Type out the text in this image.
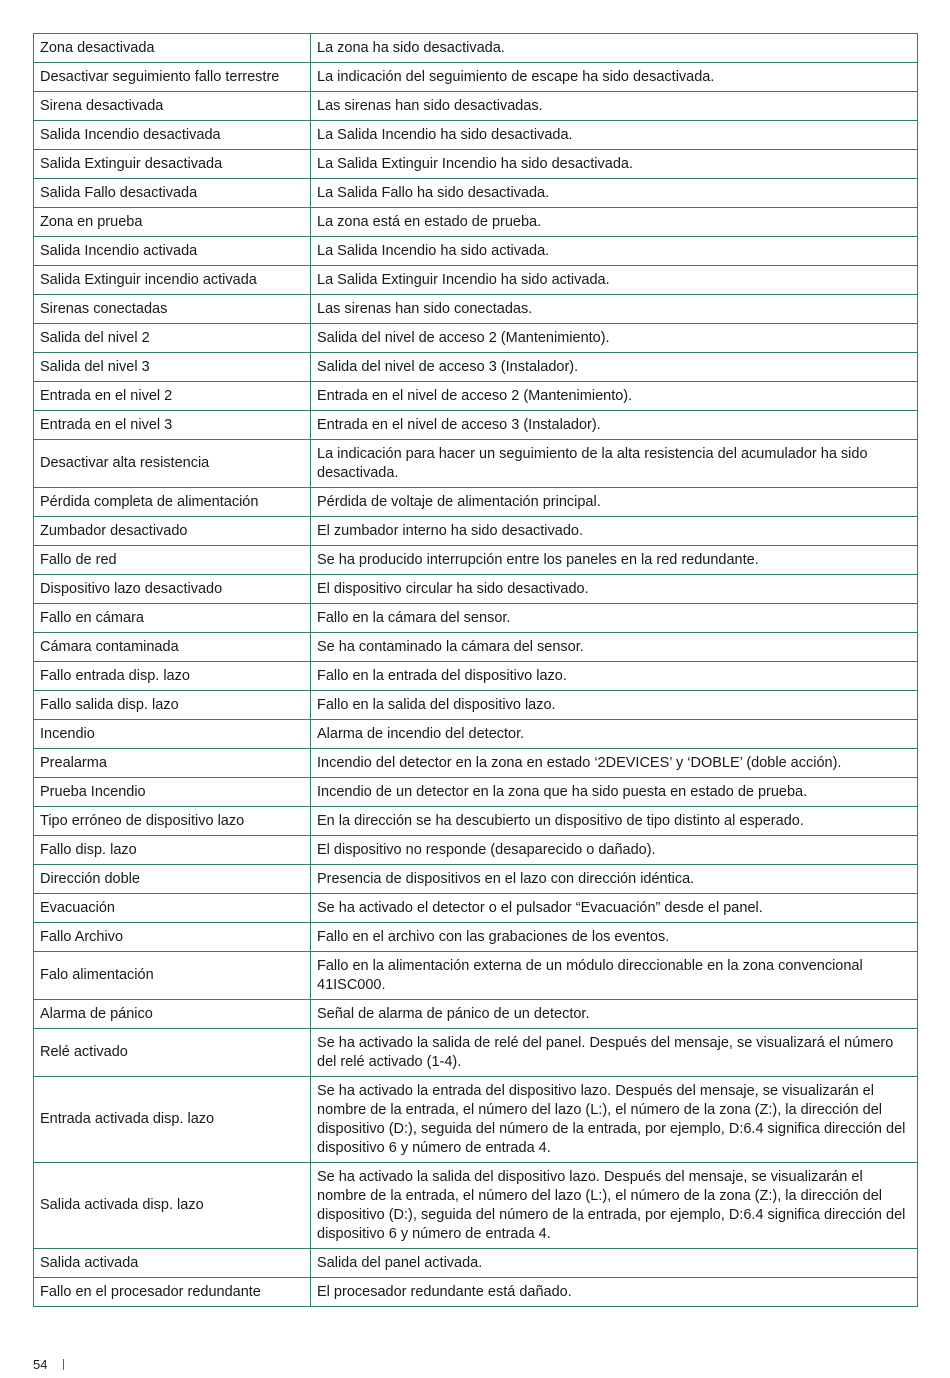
Zona desactivada	La zona ha sido desactivada.
Desactivar seguimiento fallo terrestre	La indicación del seguimiento de escape ha sido desactivada.
Sirena desactivada	Las sirenas han sido desactivadas.
Salida Incendio desactivada	La Salida Incendio ha sido desactivada.
Salida Extinguir desactivada	La Salida Extinguir Incendio ha sido desactivada.
Salida Fallo desactivada	La Salida Fallo ha sido desactivada.
Zona en prueba	La zona está en estado de prueba.
Salida Incendio activada	La Salida Incendio ha sido activada.
Salida Extinguir incendio activada	La Salida Extinguir Incendio ha sido activada.
Sirenas conectadas	Las sirenas han sido conectadas.
Salida del nivel 2	Salida del nivel de acceso 2 (Mantenimiento).
Salida del nivel 3	Salida del nivel de acceso 3 (Instalador).
Entrada en el nivel 2	Entrada en el nivel de acceso 2 (Mantenimiento).
Entrada en el nivel 3	Entrada en el nivel de acceso 3 (Instalador).
Desactivar alta resistencia	La indicación para hacer un seguimiento de la alta resistencia del acumulador ha sido desactivada.
Pérdida completa de alimentación	Pérdida de voltaje de alimentación principal.
Zumbador desactivado	El zumbador interno ha sido desactivado.
Fallo de red	Se ha producido interrupción entre los paneles en la red redundante.
Dispositivo lazo desactivado	El dispositivo circular ha sido desactivado.
Fallo en cámara	Fallo en la cámara del sensor.
Cámara contaminada	Se ha contaminado la cámara del sensor.
Fallo entrada disp. lazo	Fallo en la entrada del dispositivo lazo.
Fallo salida disp. lazo	Fallo en la salida del dispositivo lazo.
Incendio	Alarma de incendio del detector.
Prealarma	Incendio del detector en la zona en estado ‘2DEVICES’ y ‘DOBLE’ (doble acción).
Prueba Incendio	Incendio de un detector en la zona que ha sido puesta en estado de prueba.
Tipo erróneo de dispositivo lazo	En la dirección se ha descubierto un dispositivo de tipo distinto al esperado.
Fallo disp. lazo	El dispositivo no responde (desaparecido o dañado).
Dirección doble	Presencia de dispositivos en el lazo con dirección idéntica.
Evacuación	Se ha activado el detector o el pulsador “Evacuación” desde el panel.
Fallo Archivo	Fallo en el archivo con las grabaciones de los eventos.
Falo alimentación	Fallo en la alimentación externa de un módulo direccionable en la zona convencional 41ISC000.
Alarma de pánico	Señal de alarma de pánico de un detector.
Relé activado	Se ha activado la salida de relé del panel. Después del mensaje, se visualizará el número del relé activado (1-4).
Entrada activada disp. lazo	Se ha activado la entrada del dispositivo lazo. Después del mensaje, se visualizarán el nombre de la entrada, el número del lazo (L:), el número de la zona (Z:), la dirección del dispositivo (D:), seguida del número de la entrada, por ejemplo, D:6.4 significa dirección del dispositivo 6 y número de entrada 4.
Salida activada disp. lazo	Se ha activado la salida del dispositivo lazo. Después del mensaje, se visualizarán el nombre de la entrada, el número del lazo (L:), el número de la zona (Z:), la dirección del dispositivo (D:), seguida del número de la entrada, por ejemplo, D:6.4 significa dirección del dispositivo 6 y número de entrada 4.
Salida activada	Salida del panel activada.
Fallo en el procesador redundante	El procesador redundante está dañado.
54
